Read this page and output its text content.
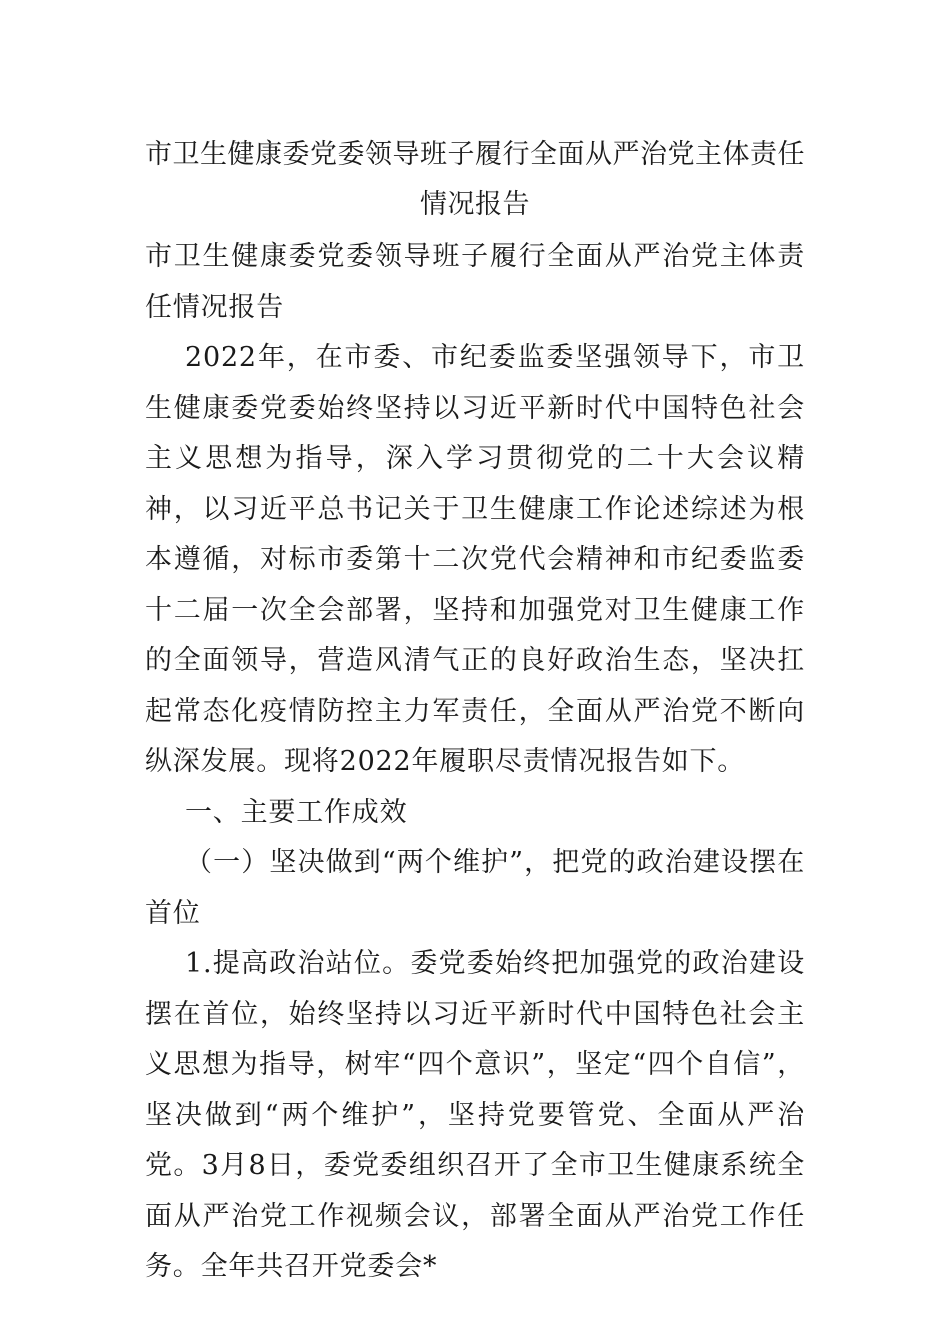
市卫生健康委党委领导班子履行全面从严治党主体责任情况报告

市卫生健康委党委领导班子履行全面从严治党主体责任情况报告

2022年，在市委、市纪委监委坚强领导下，市卫生健康委党委始终坚持以习近平新时代中国特色社会主义思想为指导，深入学习贯彻党的二十大会议精神，以习近平总书记关于卫生健康工作论述综述为根本遵循，对标市委第十二次党代会精神和市纪委监委十二届一次全会部署，坚持和加强党对卫生健康工作的全面领导，营造风清气正的良好政治生态，坚决扛起常态化疫情防控主力军责任，全面从严治党不断向纵深发展。现将2022年履职尽责情况报告如下。

一、主要工作成效

（一）坚决做到“两个维护”，把党的政治建设摆在首位

1.提高政治站位。委党委始终把加强党的政治建设摆在首位，始终坚持以习近平新时代中国特色社会主义思想为指导，树牢“四个意识”，坚定“四个自信”，坚决做到“两个维护”，坚持党要管党、全面从严治党。3月8日，委党委组织召开了全市卫生健康系统全面从严治党工作视频会议，部署全面从严治党工作任务。全年共召开党委会*
